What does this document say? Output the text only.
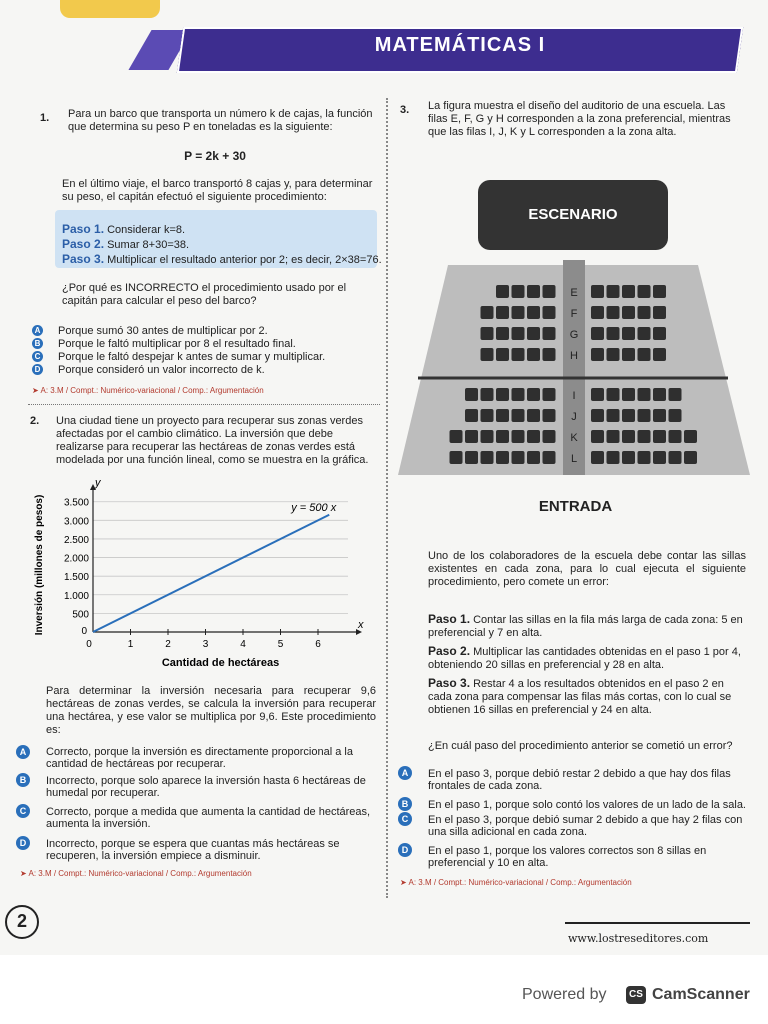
MATEMÁTICAS I
1. Para un barco que transporta un número k de cajas, la función que determina su peso P en toneladas es la siguiente:
P = 2k + 30
En el último viaje, el barco transportó 8 cajas y, para determinar su peso, el capitán efectuó el siguiente procedimiento:
Paso 1. Considerar k=8.
Paso 2. Sumar 8+30=38.
Paso 3. Multiplicar el resultado anterior por 2; es decir, 2×38=76.
¿Por qué es INCORRECTO el procedimiento usado por el capitán para calcular el peso del barco?
A Porque sumó 30 antes de multiplicar por 2.
B Porque le faltó multiplicar por 8 el resultado final.
C Porque le faltó despejar k antes de sumar y multiplicar.
D Porque consideró un valor incorrecto de k.
➤ A: 3.M / Compt.: Numérico-variacional / Comp.: Argumentación
2. Una ciudad tiene un proyecto para recuperar sus zonas verdes afectadas por el cambio climático. La inversión que debe realizarse para recuperar las hectáreas de zonas verdes está modelada por una función lineal, como se muestra en la gráfica.
500
1.000
1.500
2.000
2.500
3.000
3.500
1	2	3	4	5	6
0
0
y = 500 x
x
y
Cantidad de hectáreas
Inversión (millones de pesos)
Para determinar la inversión necesaria para recuperar 9,6 hectáreas de zonas verdes, se calcula la inversión para recuperar una hectárea, y ese valor se multiplica por 9,6. Este procedimiento es:
A	Correcto, porque la inversión es directamente proporcional a la cantidad de hectáreas por recuperar.
B	Incorrecto, porque solo aparece la inversión hasta 6 hectáreas de humedal por recuperar.
C	Correcto, porque a medida que aumenta la cantidad de hectáreas, aumenta la inversión.
D	Incorrecto, porque se espera que cuantas más hectáreas se recuperen, la inversión empiece a disminuir.
➤ A: 3.M / Compt.: Numérico-variacional / Comp.: Argumentación
3. La figura muestra el diseño del auditorio de una escuela. Las filas E, F, G y H corresponden a la zona preferencial, mientras que las filas I, J, K y L corresponden a la zona alta.
ESCENARIO
E
F
G
H
I
J
K
L
ENTRADA
Uno de los colaboradores de la escuela debe contar las sillas existentes en cada zona, para lo cual ejecuta el siguiente procedimiento, pero comete un error:
Paso 1. Contar las sillas en la fila más larga de cada zona: 5 en preferencial y 7 en alta.
Paso 2. Multiplicar las cantidades obtenidas en el paso 1 por 4, obteniendo 20 sillas en preferencial y 28 en alta.
Paso 3. Restar 4 a los resultados obtenidos en el paso 2 en cada zona para compensar las filas más cortas, con lo cual se obtienen 16 sillas en preferencial y 24 en alta.
¿En cuál paso del procedimiento anterior se cometió un error?
A	En el paso 3, porque debió restar 2 debido a que hay dos filas frontales de cada zona.
B	En el paso 1, porque solo contó los valores de un lado de la sala.
C	En el paso 3, porque debió sumar 2 debido a que hay 2 filas con una silla adicional en cada zona.
D	En el paso 1, porque los valores correctos son 8 sillas en preferencial y 10 en alta.
➤ A: 3.M / Compt.: Numérico-variacional / Comp.: Argumentación
2
www.lostreseditores.com
Powered by	CS CamScanner
